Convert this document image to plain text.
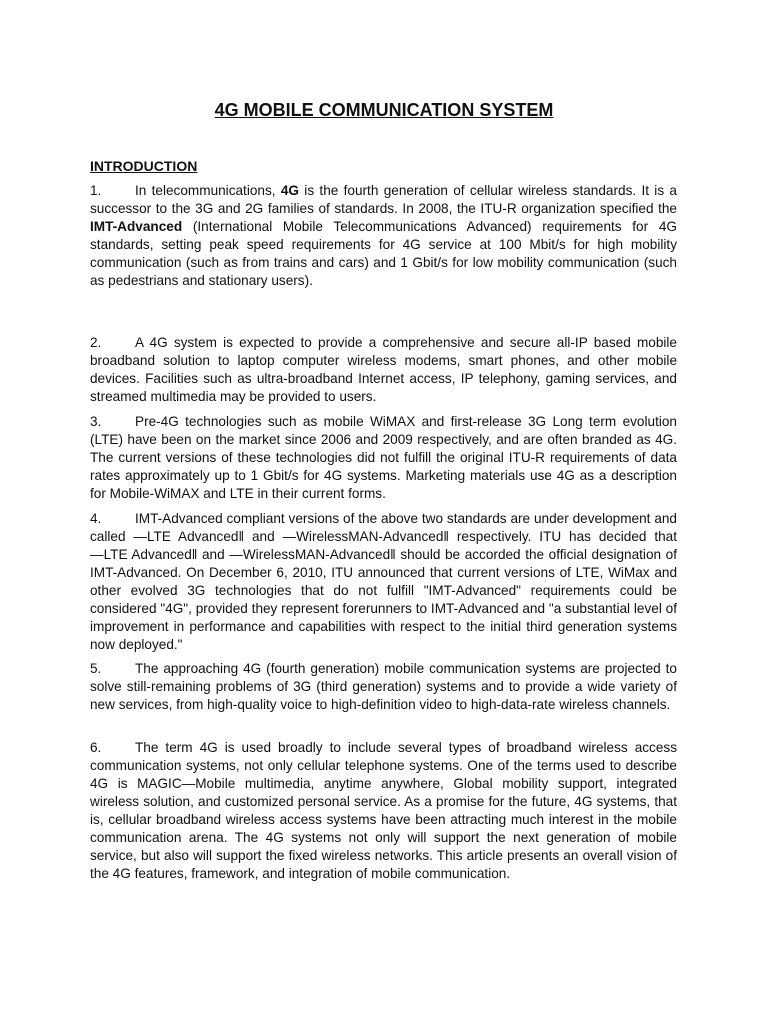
4G MOBILE COMMUNICATION SYSTEM
INTRODUCTION

1. In telecommunications, 4G is the fourth generation of cellular wireless standards. It is a successor to the 3G and 2G families of standards. In 2008, the ITU-R organization specified the IMT-Advanced (International Mobile Telecommunications Advanced) requirements for 4G standards, setting peak speed requirements for 4G service at 100 Mbit/s for high mobility communication (such as from trains and cars) and 1 Gbit/s for low mobility communication (such as pedestrians and stationary users).

2. A 4G system is expected to provide a comprehensive and secure all-IP based mobile broadband solution to laptop computer wireless modems, smart phones, and other mobile devices. Facilities such as ultra-broadband Internet access, IP telephony, gaming services, and streamed multimedia may be provided to users.

3. Pre-4G technologies such as mobile WiMAX and first-release 3G Long term evolution (LTE) have been on the market since 2006 and 2009 respectively, and are often branded as 4G. The current versions of these technologies did not fulfill the original ITU-R requirements of data rates approximately up to 1 Gbit/s for 4G systems. Marketing materials use 4G as a description for Mobile-WiMAX and LTE in their current forms.

4. IMT-Advanced compliant versions of the above two standards are under development and called ―LTE Advanced‖ and ―WirelessMAN-Advanced‖ respectively. ITU has decided that ―LTE Advanced‖ and ―WirelessMAN-Advanced‖ should be accorded the official designation of IMT-Advanced. On December 6, 2010, ITU announced that current versions of LTE, WiMax and other evolved 3G technologies that do not fulfill "IMT-Advanced" requirements could be considered "4G", provided they represent forerunners to IMT-Advanced and "a substantial level of improvement in performance and capabilities with respect to the initial third generation systems now deployed."

5. The approaching 4G (fourth generation) mobile communication systems are projected to solve still-remaining problems of 3G (third generation) systems and to provide a wide variety of new services, from high-quality voice to high-definition video to high-data-rate wireless channels.

6. The term 4G is used broadly to include several types of broadband wireless access communication systems, not only cellular telephone systems. One of the terms used to describe 4G is MAGIC—Mobile multimedia, anytime anywhere, Global mobility support, integrated wireless solution, and customized personal service. As a promise for the future, 4G systems, that is, cellular broadband wireless access systems have been attracting much interest in the mobile communication arena. The 4G systems not only will support the next generation of mobile service, but also will support the fixed wireless networks. This article presents an overall vision of the 4G features, framework, and integration of mobile communication.
